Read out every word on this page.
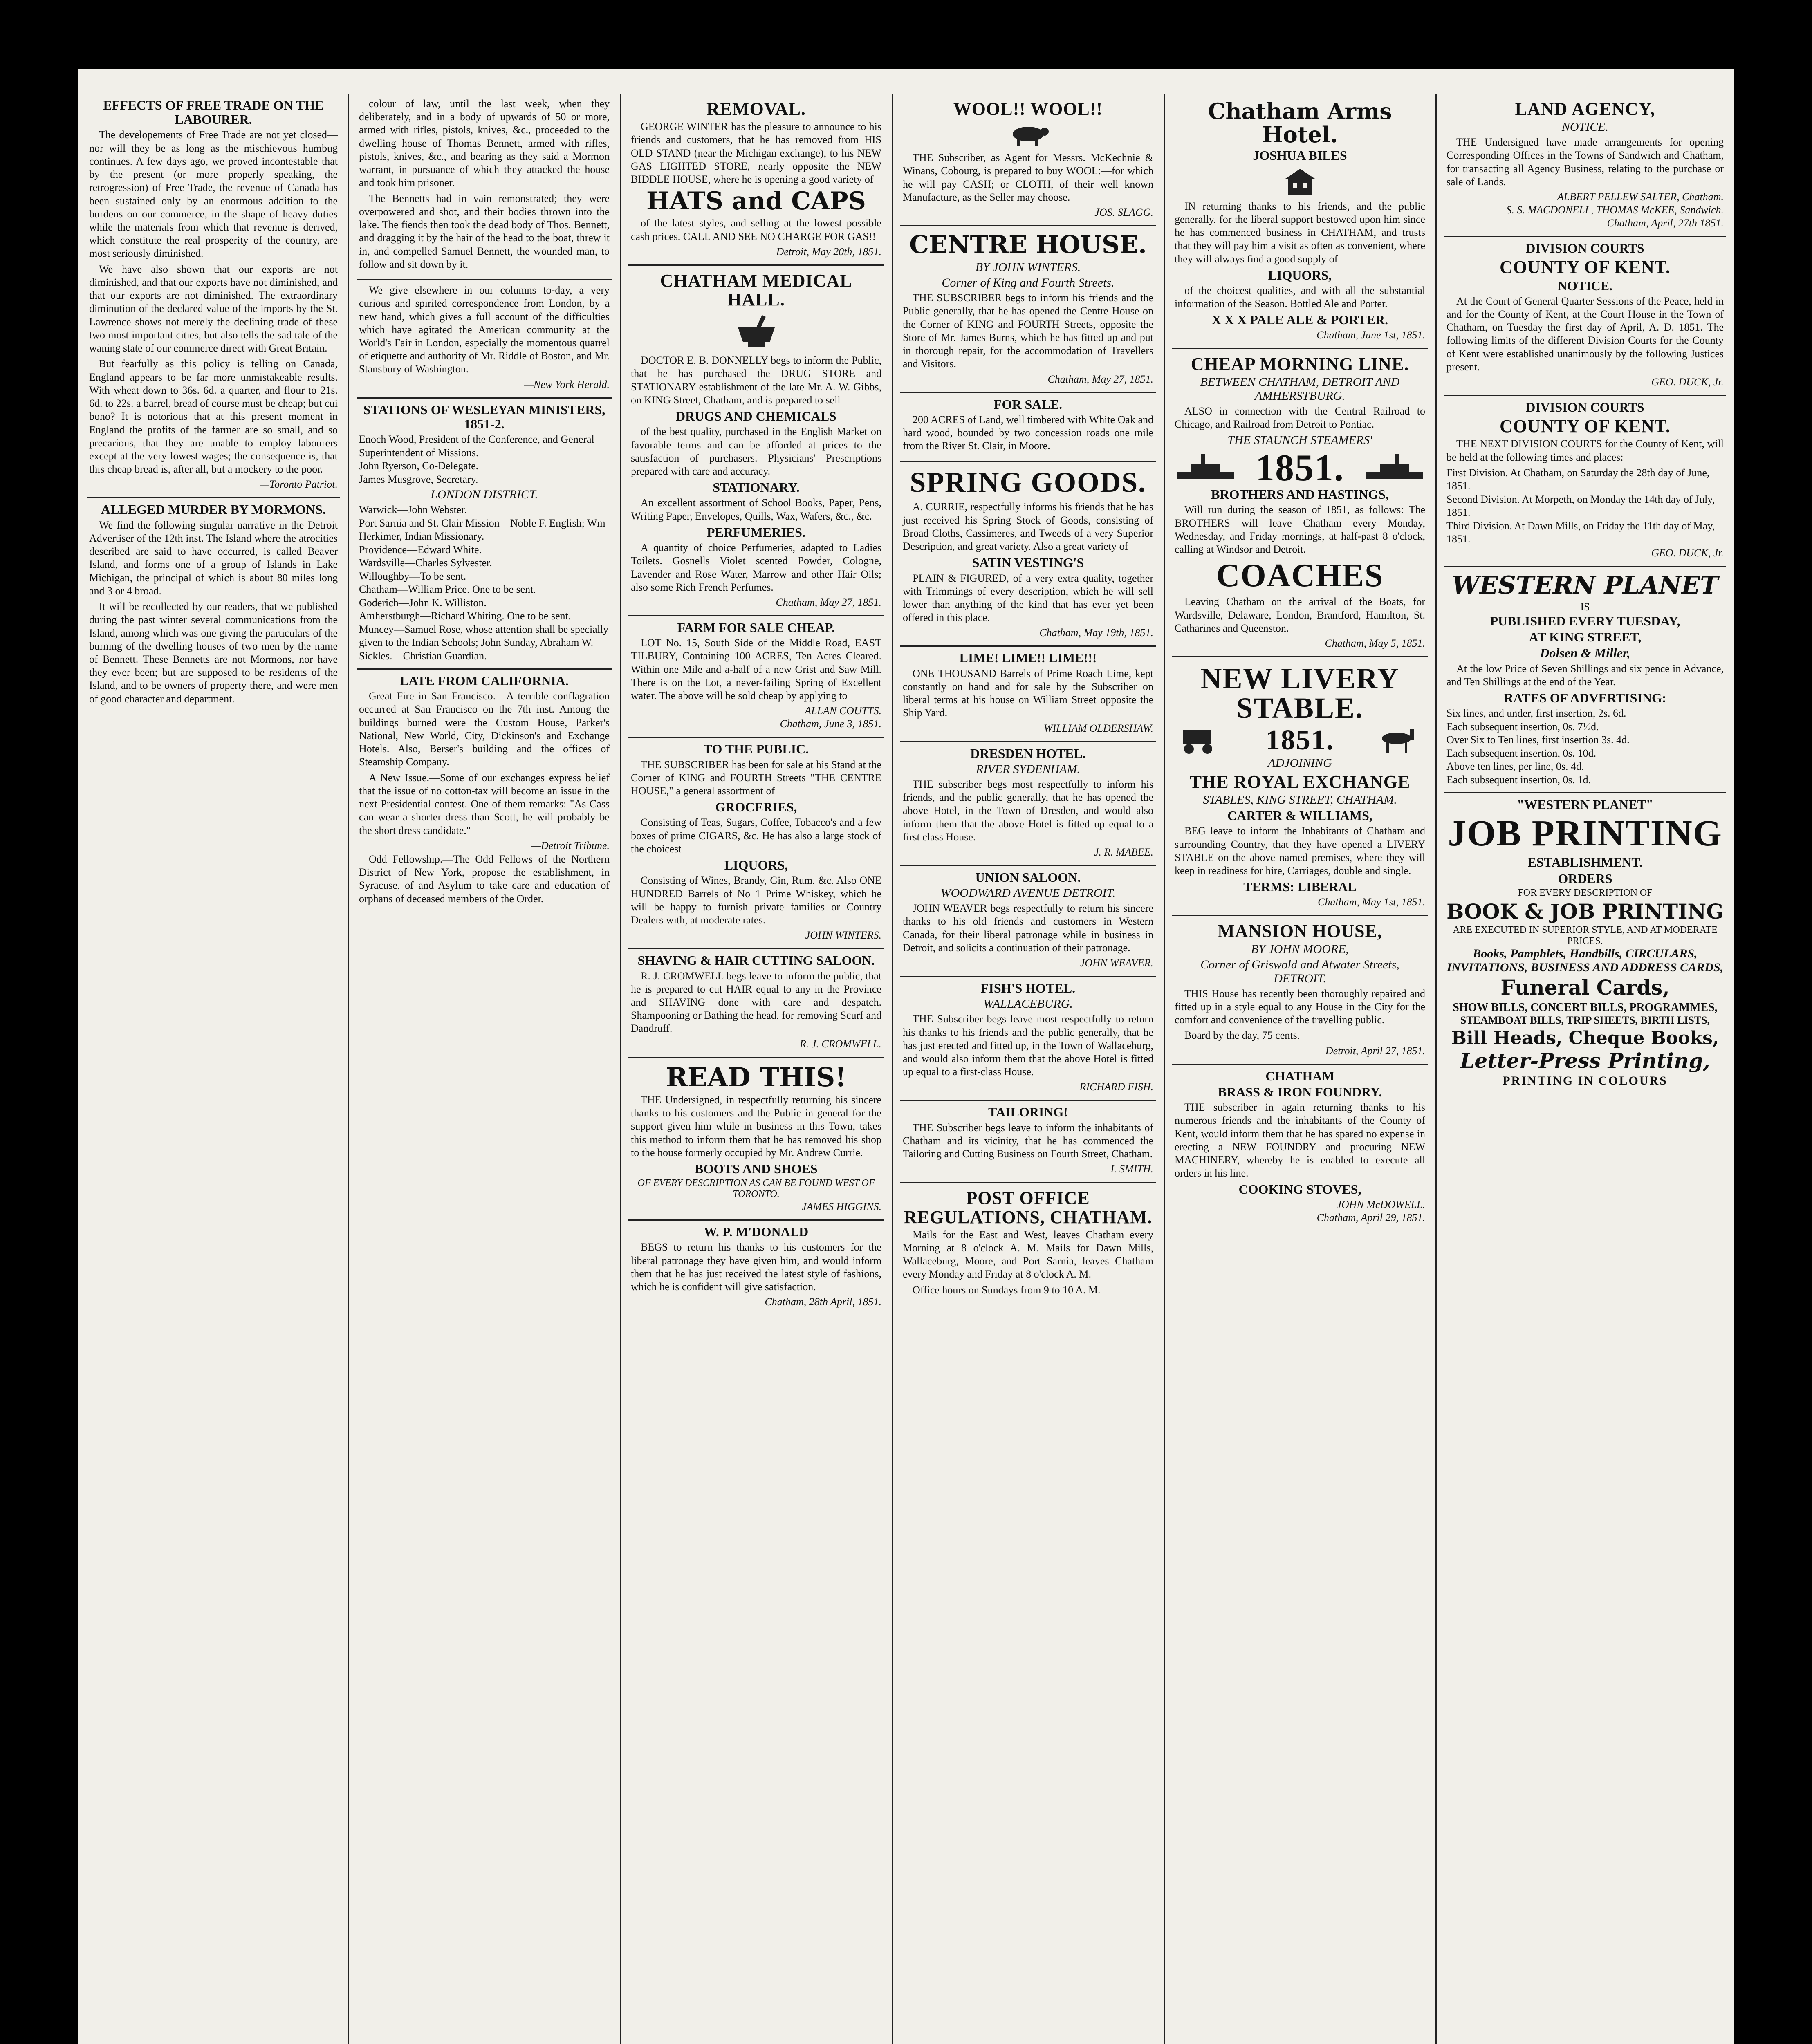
EFFECTS OF FREE TRADE ON THE LABOURER.

The developements of Free Trade are not yet closed—nor will they be as long as the mischievous humbug continues. A few days ago, we proved incontestable that by the present (or more properly speaking, the retrogression) of Free Trade, the revenue of Canada has been sustained only by an enormous addition to the burdens on our commerce, in the shape of heavy duties while the materials from which that revenue is derived, which constitute the real prosperity of the country, are most seriously diminished.

We have also shown that our exports are not diminished, and that our exports have not diminished, and that our exports are not diminished. The extraordinary diminution of the declared value of the imports by the St. Lawrence shows not merely the declining trade of these two most important cities, but also tells the sad tale of the waning state of our commerce direct with Great Britain.

But fearfully as this policy is telling on Canada, England appears to be far more unmistakeable results. With wheat down to 36s. 6d. a quarter, and flour to 21s. 6d. to 22s. a barrel, bread of course must be cheap; but cui bono? It is notorious that at this present moment in England the profits of the farmer are so small, and so precarious, that they are unable to employ labourers except at the very lowest wages; the consequence is, that this cheap bread is, after all, but a mockery to the poor.

—Toronto Patriot.
ALLEGED MURDER BY MORMONS.

We find the following singular narrative in the Detroit Advertiser of the 12th inst. The Island where the atrocities described are said to have occurred, is called Beaver Island, and forms one of a group of Islands in Lake Michigan, the principal of which is about 80 miles long and 3 or 4 broad.

It will be recollected by our readers, that we published during the past winter several communications from the Island, among which was one giving the particulars of the burning of the dwelling houses of two men by the name of Bennett. These Bennetts are not Mormons, nor have they ever been; but are supposed to be residents of the Island, and to be owners of property there, and were men of good character and department.

colour of law, until the last week, when they deliberately, and in a body of upwards of 50 or more, armed with rifles, pistols, knives, &c., proceeded to the dwelling house of Thomas Bennett, armed with rifles, pistols, knives, &c., and bearing as they said a Mormon warrant, in pursuance of which they attacked the house and took him prisoner.

The Bennetts had in vain remonstrated; they were overpowered and shot, and their bodies thrown into the lake. The fiends then took the dead body of Thos. Bennett, and dragging it by the hair of the head to the boat, threw it in, and compelled Samuel Bennett, the wounded man, to follow and sit down by it.

We give elsewhere in our columns to-day, a very curious and spirited correspondence from London, by a new hand, which gives a full account of the difficulties which have agitated the American community at the World's Fair in London, especially the momentous quarrel of etiquette and authority of Mr. Riddle of Boston, and Mr. Stansbury of Washington.

—New York Herald.
STATIONS OF WESLEYAN MINISTERS, 1851-2.
Enoch Wood, President of the Conference, and General Superintendent of Missions.
John Ryerson, Co-Delegate.
James Musgrove, Secretary.
LONDON DISTRICT.
Warwick—John Webster.
Port Sarnia and St. Clair Mission—Noble F. English; Wm Herkimer, Indian Missionary.
Providence—Edward White.
Wardsville—Charles Sylvester.
Willoughby—To be sent.
Chatham—William Price. One to be sent.
Goderich—John K. Williston.
Amherstburgh—Richard Whiting. One to be sent.
Muncey—Samuel Rose, whose attention shall be specially given to the Indian Schools; John Sunday, Abraham W. Sickles.—Christian Guardian.
LATE FROM CALIFORNIA.

Great Fire in San Francisco.—A terrible conflagration occurred at San Francisco on the 7th inst. Among the buildings burned were the Custom House, Parker's National, New World, City, Dickinson's and Exchange Hotels. Also, Berser's building and the offices of Steamship Company.

A New Issue.—Some of our exchanges express belief that the issue of no cotton-tax will become an issue in the next Presidential contest. One of them remarks: "As Cass can wear a shorter dress than Scott, he will probably be the short dress candidate."

—Detroit Tribune.

Odd Fellowship.—The Odd Fellows of the Northern District of New York, propose the establishment, in Syracuse, of and Asylum to take care and education of orphans of deceased members of the Order.

REMOVAL.

GEORGE WINTER has the pleasure to announce to his friends and customers, that he has removed from HIS OLD STAND (near the Michigan exchange), to his NEW GAS LIGHTED STORE, nearly opposite the NEW BIDDLE HOUSE, where he is opening a good variety of

HATS and CAPS

of the latest styles, and selling at the lowest possible cash prices. CALL AND SEE NO CHARGE FOR GAS!!

Detroit, May 20th, 1851.
CHATHAM MEDICAL HALL.

DOCTOR E. B. DONNELLY begs to inform the Public, that he has purchased the DRUG STORE and STATIONARY establishment of the late Mr. A. W. Gibbs, on KING Street, Chatham, and is prepared to sell

DRUGS AND CHEMICALS

of the best quality, purchased in the English Market on favorable terms and can be afforded at prices to the satisfaction of purchasers. Physicians' Prescriptions prepared with care and accuracy.

STATIONARY.

An excellent assortment of School Books, Paper, Pens, Writing Paper, Envelopes, Quills, Wax, Wafers, &c., &c.

PERFUMERIES.

A quantity of choice Perfumeries, adapted to Ladies Toilets. Gosnells Violet scented Powder, Cologne, Lavender and Rose Water, Marrow and other Hair Oils; also some Rich French Perfumes.

Chatham, May 27, 1851.
FARM FOR SALE CHEAP.

LOT No. 15, South Side of the Middle Road, EAST TILBURY, Containing 100 ACRES, Ten Acres Cleared. Within one Mile and a-half of a new Grist and Saw Mill. There is on the Lot, a never-failing Spring of Excellent water. The above will be sold cheap by applying to

ALLAN COUTTS.
Chatham, June 3, 1851.
TO THE PUBLIC.

THE SUBSCRIBER has been for sale at his Stand at the Corner of KING and FOURTH Streets "THE CENTRE HOUSE," a general assortment of

GROCERIES,

Consisting of Teas, Sugars, Coffee, Tobacco's and a few boxes of prime CIGARS, &c. He has also a large stock of the choicest

LIQUORS,

Consisting of Wines, Brandy, Gin, Rum, &c. Also ONE HUNDRED Barrels of No 1 Prime Whiskey, which he will be happy to furnish private families or Country Dealers with, at moderate rates.

JOHN WINTERS.
SHAVING & HAIR CUTTING SALOON.

R. J. CROMWELL begs leave to inform the public, that he is prepared to cut HAIR equal to any in the Province and SHAVING done with care and despatch. Shampooning or Bathing the head, for removing Scurf and Dandruff.

R. J. CROMWELL.
READ THIS!

THE Undersigned, in respectfully returning his sincere thanks to his customers and the Public in general for the support given him while in business in this Town, takes this method to inform them that he has removed his shop to the house formerly occupied by Mr. Andrew Currie.

BOOTS AND SHOES
OF EVERY DESCRIPTION AS CAN BE FOUND WEST OF TORONTO.
JAMES HIGGINS.
W. P. M'DONALD

BEGS to return his thanks to his customers for the liberal patronage they have given him, and would inform them that he has just received the latest style of fashions, which he is confident will give satisfaction.

Chatham, 28th April, 1851.
WOOL!! WOOL!!

THE Subscriber, as Agent for Messrs. McKechnie & Winans, Cobourg, is prepared to buy WOOL:—for which he will pay CASH; or CLOTH, of their well known Manufacture, as the Seller may choose.

JOS. SLAGG.
CENTRE HOUSE.
BY JOHN WINTERS.
Corner of King and Fourth Streets.

THE SUBSCRIBER begs to inform his friends and the Public generally, that he has opened the Centre House on the Corner of KING and FOURTH Streets, opposite the Store of Mr. James Burns, which he has fitted up and put in thorough repair, for the accommodation of Travellers and Visitors.

Chatham, May 27, 1851.
FOR SALE.

200 ACRES of Land, well timbered with White Oak and hard wood, bounded by two concession roads one mile from the River St. Clair, in Moore.

SPRING GOODS.

A. CURRIE, respectfully informs his friends that he has just received his Spring Stock of Goods, consisting of Broad Cloths, Cassimeres, and Tweeds of a very Superior Description, and great variety. Also a great variety of

SATIN VESTING'S

PLAIN & FIGURED, of a very extra quality, together with Trimmings of every description, which he will sell lower than anything of the kind that has ever yet been offered in this place.

Chatham, May 19th, 1851.
LIME! LIME!! LIME!!!

ONE THOUSAND Barrels of Prime Roach Lime, kept constantly on hand and for sale by the Subscriber on liberal terms at his house on William Street opposite the Ship Yard.

WILLIAM OLDERSHAW.
DRESDEN HOTEL.
RIVER SYDENHAM.

THE subscriber begs most respectfully to inform his friends, and the public generally, that he has opened the above Hotel, in the Town of Dresden, and would also inform them that the above Hotel is fitted up equal to a first class House.

J. R. MABEE.
UNION SALOON.
WOODWARD AVENUE DETROIT.

JOHN WEAVER begs respectfully to return his sincere thanks to his old friends and customers in Western Canada, for their liberal patronage while in business in Detroit, and solicits a continuation of their patronage.

JOHN WEAVER.
FISH'S HOTEL.
WALLACEBURG.

THE Subscriber begs leave most respectfully to return his thanks to his friends and the public generally, that he has just erected and fitted up, in the Town of Wallaceburg, and would also inform them that the above Hotel is fitted up equal to a first-class House.

RICHARD FISH.
TAILORING!

THE Subscriber begs leave to inform the inhabitants of Chatham and its vicinity, that he has commenced the Tailoring and Cutting Business on Fourth Street, Chatham.

I. SMITH.
POST OFFICE REGULATIONS, CHATHAM.

Mails for the East and West, leaves Chatham every Morning at 8 o'clock A. M. Mails for Dawn Mills, Wallaceburg, Moore, and Port Sarnia, leaves Chatham every Monday and Friday at 8 o'clock A. M.

Office hours on Sundays from 9 to 10 A. M.

Chatham Arms Hotel.
JOSHUA BILES

IN returning thanks to his friends, and the public generally, for the liberal support bestowed upon him since he has commenced business in CHATHAM, and trusts that they will pay him a visit as often as convenient, where they will always find a good supply of

LIQUORS,

of the choicest qualities, and with all the substantial information of the Season. Bottled Ale and Porter.

X X X PALE ALE & PORTER.
Chatham, June 1st, 1851.
CHEAP MORNING LINE.
BETWEEN CHATHAM, DETROIT AND AMHERSTBURG.

ALSO in connection with the Central Railroad to Chicago, and Railroad from Detroit to Pontiac.

THE STAUNCH STEAMERS'
1851.
BROTHERS AND HASTINGS,

Will run during the season of 1851, as follows: The BROTHERS will leave Chatham every Monday, Wednesday, and Friday mornings, at half-past 8 o'clock, calling at Windsor and Detroit.

COACHES

Leaving Chatham on the arrival of the Boats, for Wardsville, Delaware, London, Brantford, Hamilton, St. Catharines and Queenston.

Chatham, May 5, 1851.
NEW LIVERY STABLE.
1851.
ADJOINING
THE ROYAL EXCHANGE
STABLES, KING STREET, CHATHAM.
CARTER & WILLIAMS,

BEG leave to inform the Inhabitants of Chatham and surrounding Country, that they have opened a LIVERY STABLE on the above named premises, where they will keep in readiness for hire, Carriages, double and single.

TERMS: LIBERAL
Chatham, May 1st, 1851.
MANSION HOUSE,
BY JOHN MOORE,
Corner of Griswold and Atwater Streets, DETROIT.

THIS House has recently been thoroughly repaired and fitted up in a style equal to any House in the City for the comfort and convenience of the travelling public.

Board by the day, 75 cents.

Detroit, April 27, 1851.
CHATHAM
BRASS & IRON FOUNDRY.

THE subscriber in again returning thanks to his numerous friends and the inhabitants of the County of Kent, would inform them that he has spared no expense in erecting a NEW FOUNDRY and procuring NEW MACHINERY, whereby he is enabled to execute all orders in his line.

COOKING STOVES,
JOHN McDOWELL.
Chatham, April 29, 1851.
LAND AGENCY,
NOTICE.

THE Undersigned have made arrangements for opening Corresponding Offices in the Towns of Sandwich and Chatham, for transacting all Agency Business, relating to the purchase or sale of Lands.

ALBERT PELLEW SALTER, Chatham.
S. S. MACDONELL, THOMAS McKEE, Sandwich.
Chatham, April, 27th 1851.
DIVISION COURTS
COUNTY OF KENT.
NOTICE.

At the Court of General Quarter Sessions of the Peace, held in and for the County of Kent, at the Court House in the Town of Chatham, on Tuesday the first day of April, A. D. 1851. The following limits of the different Division Courts for the County of Kent were established unanimously by the following Justices present.

GEO. DUCK, Jr.
DIVISION COURTS
COUNTY OF KENT.

THE NEXT DIVISION COURTS for the County of Kent, will be held at the following times and places:

First Division. At Chatham, on Saturday the 28th day of June, 1851.
Second Division. At Morpeth, on Monday the 14th day of July, 1851.
Third Division. At Dawn Mills, on Friday the 11th day of May, 1851.
GEO. DUCK, Jr.
WESTERN PLANET
IS
PUBLISHED EVERY TUESDAY,
AT KING STREET,
Dolsen & Miller,

At the low Price of Seven Shillings and six pence in Advance, and Ten Shillings at the end of the Year.

RATES OF ADVERTISING:
Six lines, and under, first insertion, 2s. 6d.
Each subsequent insertion, 0s. 7½d.
Over Six to Ten lines, first insertion 3s. 4d.
Each subsequent insertion, 0s. 10d.
Above ten lines, per line, 0s. 4d.
Each subsequent insertion, 0s. 1d.
"WESTERN PLANET"
JOB PRINTING
ESTABLISHMENT.
ORDERS
FOR EVERY DESCRIPTION OF
BOOK & JOB PRINTING
ARE EXECUTED IN SUPERIOR STYLE, AND AT MODERATE PRICES.
Books, Pamphlets, Handbills, CIRCULARS, INVITATIONS, BUSINESS AND ADDRESS CARDS,
Funeral Cards,
SHOW BILLS, CONCERT BILLS, PROGRAMMES,
STEAMBOAT BILLS, TRIP SHEETS, BIRTH LISTS,
Bill Heads, Cheque Books,
Letter-Press Printing,
PRINTING IN COLOURS
